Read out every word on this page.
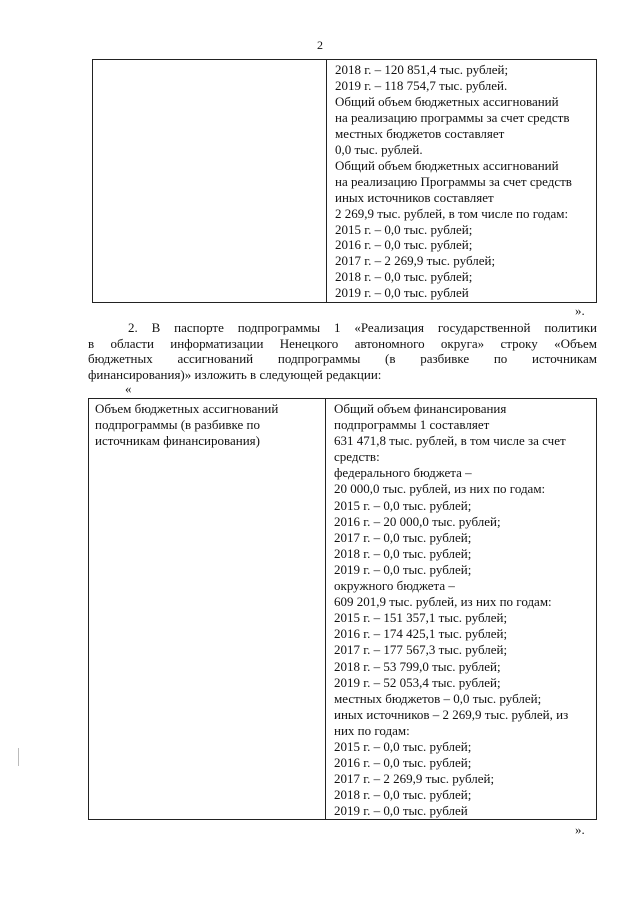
2

2018 г. – 120 851,4 тыс. рублей;
2019 г. – 118 754,7 тыс. рублей.
Общий объем бюджетных ассигнований
на реализацию программы за счет средств
местных бюджетов составляет
0,0 тыс. рублей.
Общий объем бюджетных ассигнований
на реализацию Программы за счет средств
иных источников составляет
2 269,9 тыс. рублей, в том числе по годам:
2015 г. – 0,0 тыс. рублей;
2016 г. – 0,0 тыс. рублей;
2017 г. – 2 269,9 тыс. рублей;
2018 г. – 0,0 тыс. рублей;
2019 г. – 0,0 тыс. рублей
».

2. В паспорте подпрограммы 1 «Реализация государственной политики

в области информатизации Ненецкого автономного округа» строку «Объем

бюджетных ассигнований подпрограммы (в разбивке по источникам

финансирования)» изложить в следующей редакции:

«
Объем бюджетных ассигнований
подпрограммы (в разбивке по
источникам финансирования)

Общий объем финансирования
подпрограммы 1 составляет
631 471,8 тыс. рублей, в том числе за счет
средств:
федерального бюджета –
20 000,0 тыс. рублей, из них по годам:
2015 г. – 0,0 тыс. рублей;
2016 г. – 20 000,0 тыс. рублей;
2017 г. – 0,0 тыс. рублей;
2018 г. – 0,0 тыс. рублей;
2019 г. – 0,0 тыс. рублей;
окружного бюджета –
609 201,9 тыс. рублей, из них по годам:
2015 г. – 151 357,1 тыс. рублей;
2016 г. – 174 425,1 тыс. рублей;
2017 г. – 177 567,3 тыс. рублей;
2018 г. – 53 799,0 тыс. рублей;
2019 г. – 52 053,4 тыс. рублей;
местных бюджетов – 0,0 тыс. рублей;
иных источников – 2 269,9 тыс. рублей, из
них по годам:
2015 г. – 0,0 тыс. рублей;
2016 г. – 0,0 тыс. рублей;
2017 г. – 2 269,9 тыс. рублей;
2018 г. – 0,0 тыс. рублей;
2019 г. – 0,0 тыс. рублей
».
